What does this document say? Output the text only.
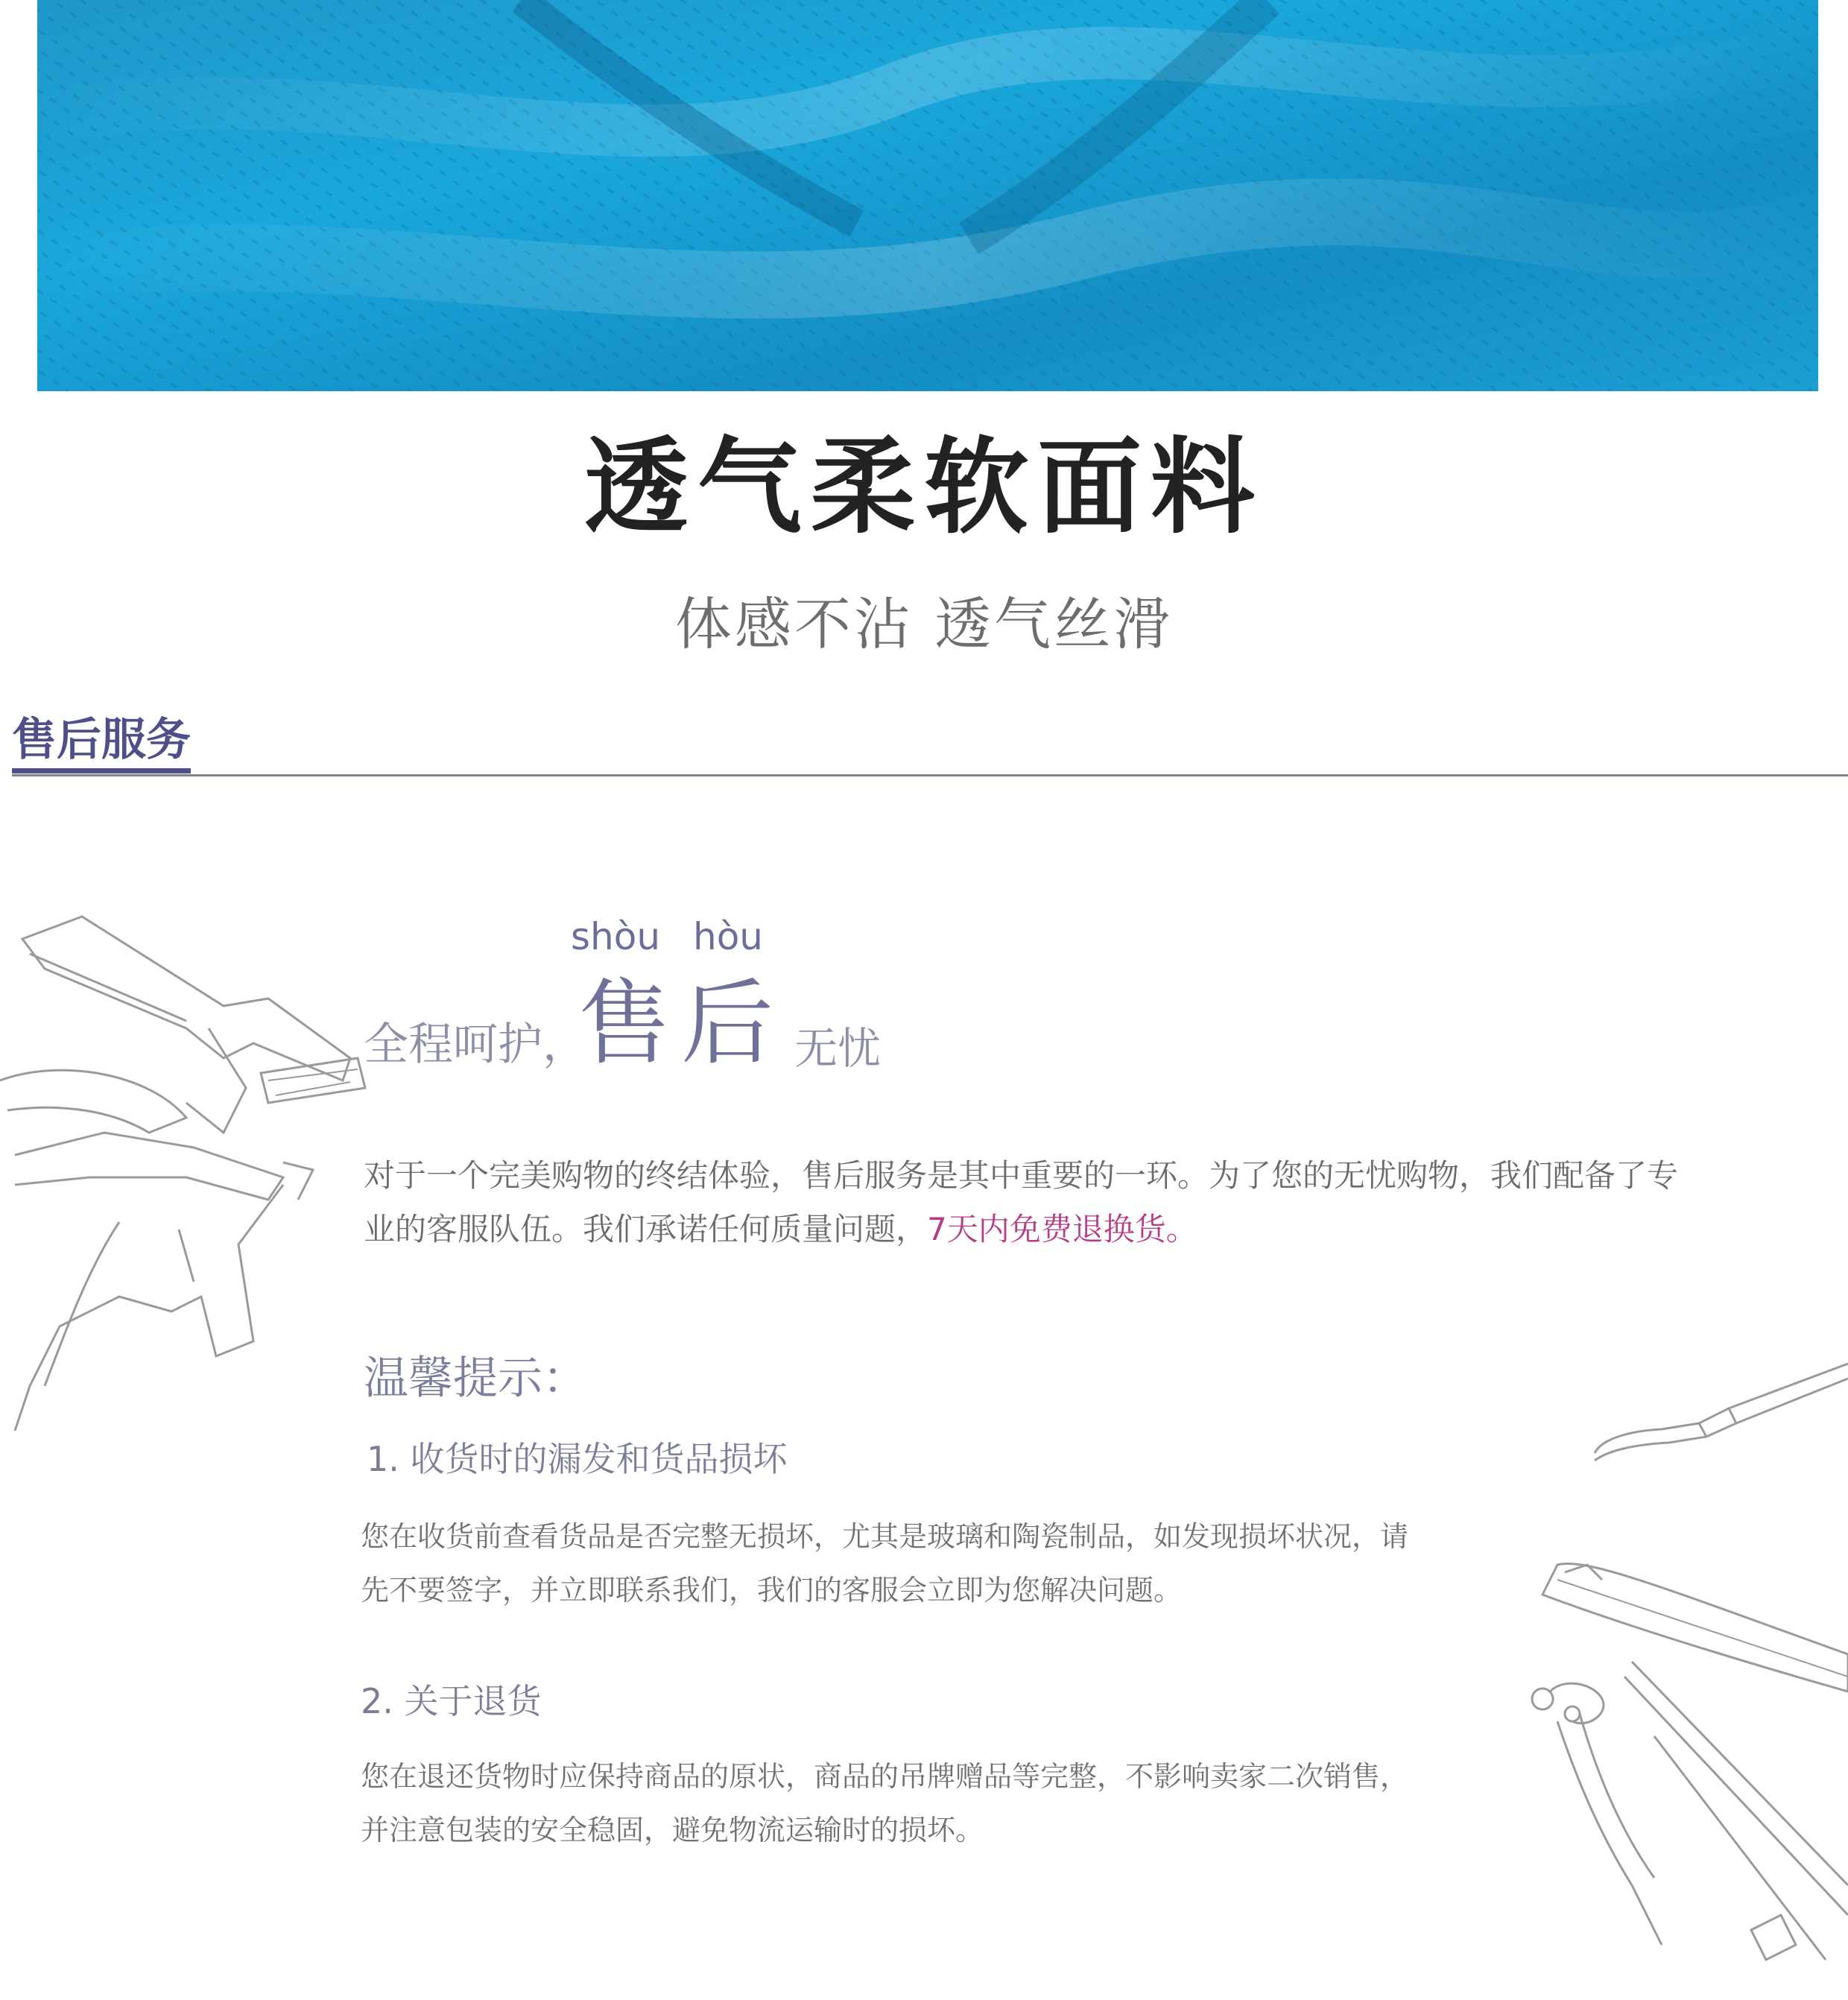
透气柔软面料
体感不沾 透气丝滑
售后服务
shòu hòu
全程呵护，
售后 无忧
对于一个完美购物的终结体验，售后服务是其中重要的一环。为了您的无忧购物，我们配备了专业的客服队伍。我们承诺任何质量问题，7天内免费退换货。
温馨提示：
1. 收货时的漏发和货品损坏
您在收货前查看货品是否完整无损坏，尤其是玻璃和陶瓷制品，如发现损坏状况，请先不要签字，并立即联系我们，我们的客服会立即为您解决问题。
2. 关于退货
您在退还货物时应保持商品的原状，商品的吊牌赠品等完整，不影响卖家二次销售，并注意包装的安全稳固，避免物流运输时的损坏。
